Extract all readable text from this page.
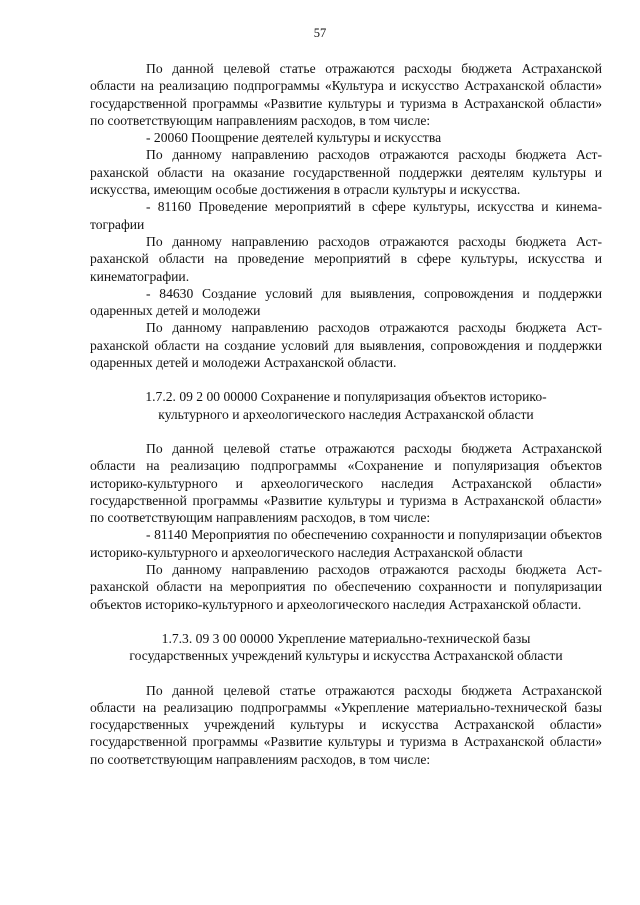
57

По данной целевой статье отражаются расходы бюджета Астраханской области на реализацию подпрограммы «Культура и искусство Астраханской области» государственной программы «Развитие культуры и туризма в Астраханской области» по соответствующим направлениям расходов, в том числе:

- 20060 Поощрение деятелей культуры и искусства

По данному направлению расходов отражаются расходы бюджета Астраханской области на оказание государственной поддержки деятелям культуры и искусства, имеющим особые достижения в отрасли культуры и искусства.

- 81160 Проведение мероприятий в сфере культуры, искусства и кинематографии

По данному направлению расходов отражаются расходы бюджета Астраханской области на проведение мероприятий в сфере культуры, искусства и кинематографии.

- 84630 Создание условий для выявления, сопровождения и поддержки одаренных детей и молодежи

По данному направлению расходов отражаются расходы бюджета Астраханской области на создание условий для выявления, сопровождения и поддержки одаренных детей и молодежи Астраханской области.

1.7.2. 09 2 00 00000 Сохранение и популяризация объектов историко-
культурного и археологического наследия Астраханской области

По данной целевой статье отражаются расходы бюджета Астраханской области на реализацию подпрограммы «Сохранение и популяризация объектов историко-культурного и археологического наследия Астраханской области» государственной программы «Развитие культуры и туризма в Астраханской области» по соответствующим направлениям расходов, в том числе:

- 81140 Мероприятия по обеспечению сохранности и популяризации объектов историко-культурного и археологического наследия Астраханской области

По данному направлению расходов отражаются расходы бюджета Астраханской области на мероприятия по обеспечению сохранности и популяризации объектов историко-культурного и археологического наследия Астраханской области.

1.7.3. 09 3 00 00000 Укрепление материально-технической базы
государственных учреждений культуры и искусства Астраханской области

По данной целевой статье отражаются расходы бюджета Астраханской области на реализацию подпрограммы «Укрепление материально-технической базы государственных учреждений культуры и искусства Астраханской области» государственной программы «Развитие культуры и туризма в Астраханской области» по соответствующим направлениям расходов, в том числе:
